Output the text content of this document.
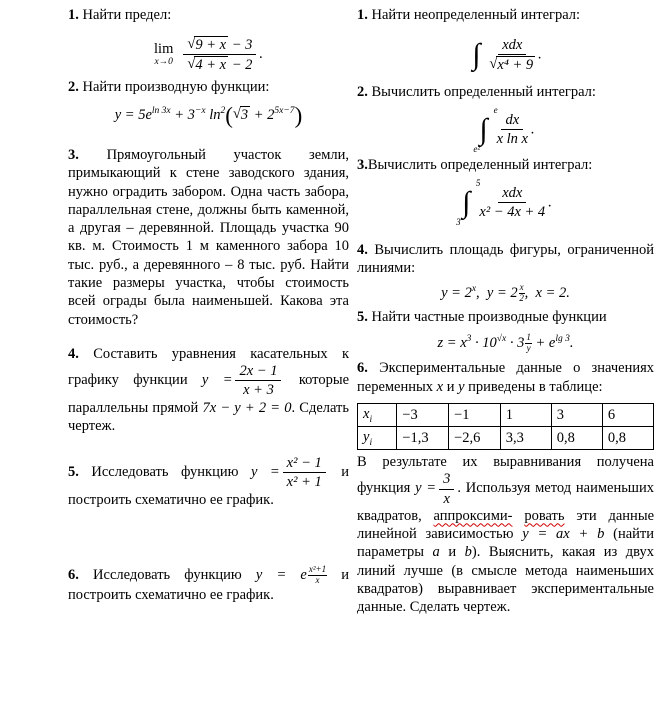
1. Найти предел:

lim
$x\to 0 \frac{√9 + x - 3}{√4 + x - 2}$ .

2. Найти производную функции:

$y = 5e^{ln 3x} + 3^{-x}$ $\ln^2(√3 + 2^{5x-7})$

3. Прямоугольный участок земли, примыкающий к стене заводского здания, нужно оградить забором. Одна часть забора, параллельная стене, должны быть каменной, а другая – деревянной. Площадь участка 90 кв. м. Стоимость 1 м каменного забора 10 тыс. руб., а деревянного – 8 тыс. руб. Найти такие размеры участка, чтобы стоимость всей ограды была наименьшей. Какова эта стоимость?

4. Составить уравнения касательных к графику функции $y = \frac{2x - 1}{x + 3}$ которые параллельны прямой 7x − y + 2 = 0. Сделать чертеж.

5. Исследовать функцию $y = \frac{\text{x² − 1}}{\text{x² + 1}}$ и построить схематично ее график.

6. Исследовать функцию y = e $\frac{\text{x²+1}}{x}$ и построить схематично ее график.

1. Найти неопределенный интеграл:

∫ $\frac{\text{xdx}}{\text{√x⁴ + 9}}$ .

2. Вычислить определенный интеграл:

∫
e
e²
$\frac{dx}{\text{x ln x}}$ .

3.Вычислить определенный интеграл:

∫
5
3
$\frac{\text{xdx}}{\text{x² − 4x + 4}}$ .

4. Вычислить площадь фигуры, ограниченной линиями:

$y = 2^x$, $y = 2 \frac{x}{2}$ , x = 2.

5. Найти частные производные функции

$z = x^3 \cdot 10^{√x} \cdot 3 \frac{1}{y} + e^{lg 3}$.

6. Экспериментальные данные о значениях переменных x и y приведены в таблице:

$x_i$	−3	−1	1	3	6
$y_i$	−1,3	−2,6	3,3	0,8	0,8

В результате их выравнивания получена функция $y = \frac{3}{x}$ . Используя метод наименьших квадратов, аппроксими- ровать эти данные линейной зависимостью y = ax + b (найти параметры a и b). Выяснить, какая из двух линий лучше (в смысле метода наименьших квадратов) выравнивает экспериментальные данные. Сделать чертеж.
